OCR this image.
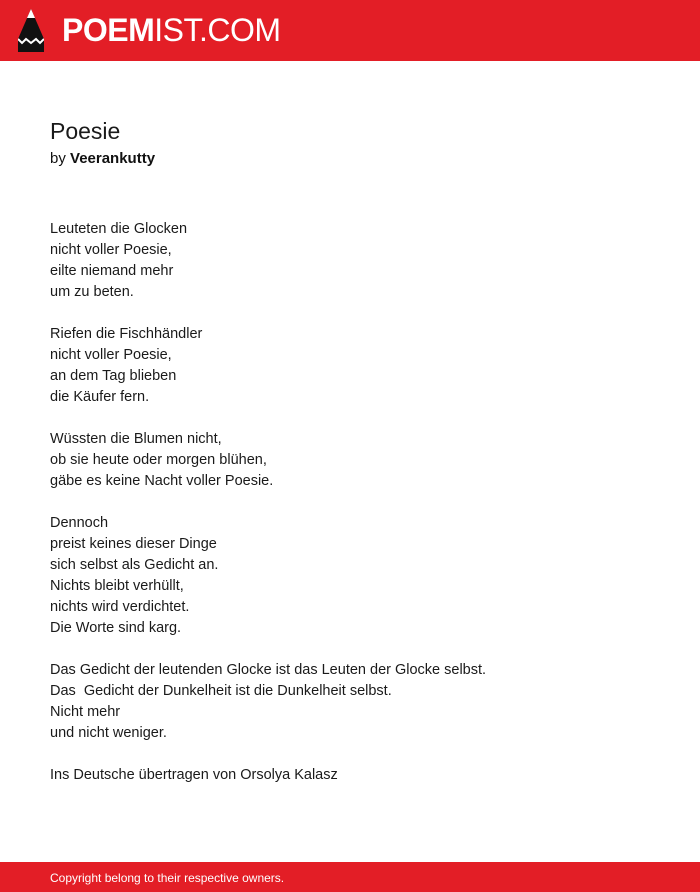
POEMIST.COM
Poesie
by Veerankutty
Leuteten die Glocken
nicht voller Poesie,
eilte niemand mehr
um zu beten.
Riefen die Fischhändler
nicht voller Poesie,
an dem Tag blieben
die Käufer fern.
Wüssten die Blumen nicht,
ob sie heute oder morgen blühen,
gäbe es keine Nacht voller Poesie.
Dennoch
preist keines dieser Dinge
sich selbst als Gedicht an.
Nichts bleibt verhüllt,
nichts wird verdichtet.
Die Worte sind karg.
Das Gedicht der leutenden Glocke ist das Leuten der Glocke selbst.
Das  Gedicht der Dunkelheit ist die Dunkelheit selbst.
Nicht mehr
und nicht weniger.
Ins Deutsche übertragen von Orsolya Kalasz
Copyright belong to their respective owners.
